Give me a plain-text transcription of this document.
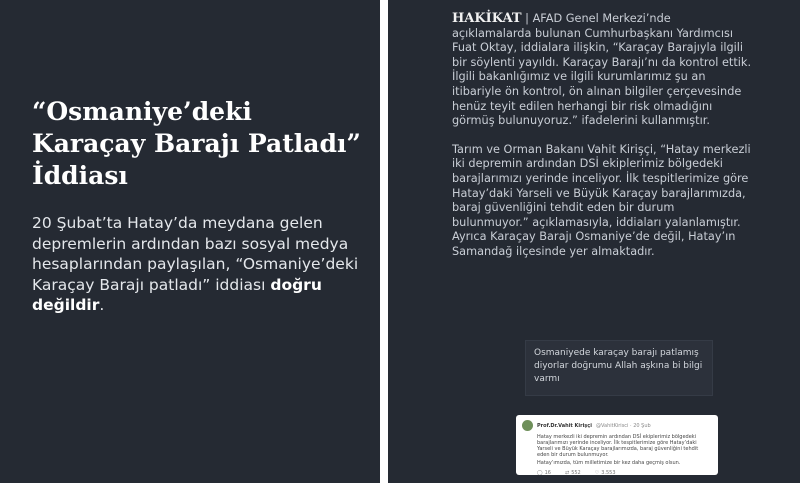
“Osmaniye’deki Karaçay Barajı Patladı” İddiası

20 Şubat’ta Hatay’da meydana gelen depremlerin ardından bazı sosyal medya hesaplarından paylaşılan, “Osmaniye’deki Karaçay Barajı patladı” iddiası doğru değildir.

HAKİKAT | AFAD Genel Merkezi’nde açıklamalarda bulunan Cumhurbaşkanı Yardımcısı Fuat Oktay, iddialara ilişkin, “Karaçay Barajıyla ilgili bir söylenti yayıldı. Karaçay Barajı’nı da kontrol ettik. İlgili bakanlığımız ve ilgili kurumlarımız şu an itibariyle ön kontrol, ön alınan bilgiler çerçevesinde henüz teyit edilen herhangi bir risk olmadığını görmüş bulunuyoruz.” ifadelerini kullanmıştır.

Tarım ve Orman Bakanı Vahit Kirişçi, “Hatay merkezli iki depremin ardından DSİ ekiplerimiz bölgedeki barajlarımızı yerinde inceliyor. İlk tespitlerimize göre Hatay’daki Yarseli ve Büyük Karaçay barajlarımızda, baraj güvenliğini tehdit eden bir durum bulunmuyor.” açıklamasıyla, iddiaları yalanlamıştır. Ayrıca Karaçay Barajı Osmaniye’de değil, Hatay’ın Samandağ ilçesinde yer almaktadır.

Osmaniyede karaçay barajı patlamış diyorlar doğrumu Allah aşkına bi bilgi varmı
Prof.Dr.Vahit Kirişçi @VahitKirisci · 20 Şub

Hatay merkezli iki depremin ardından DSİ ekiplerimiz bölgedeki barajlarımızı yerinde inceliyor. İlk tespitlerimize göre Hatay’daki Yarseli ve Büyük Karaçay barajlarımızda, baraj güvenliğini tehdit eden bir durum bulunmuyor.

Hatay’ımızda, tüm milletimize bir kez daha geçmiş olsun.

◯ 16	⇄ 552	♡ 3.553
